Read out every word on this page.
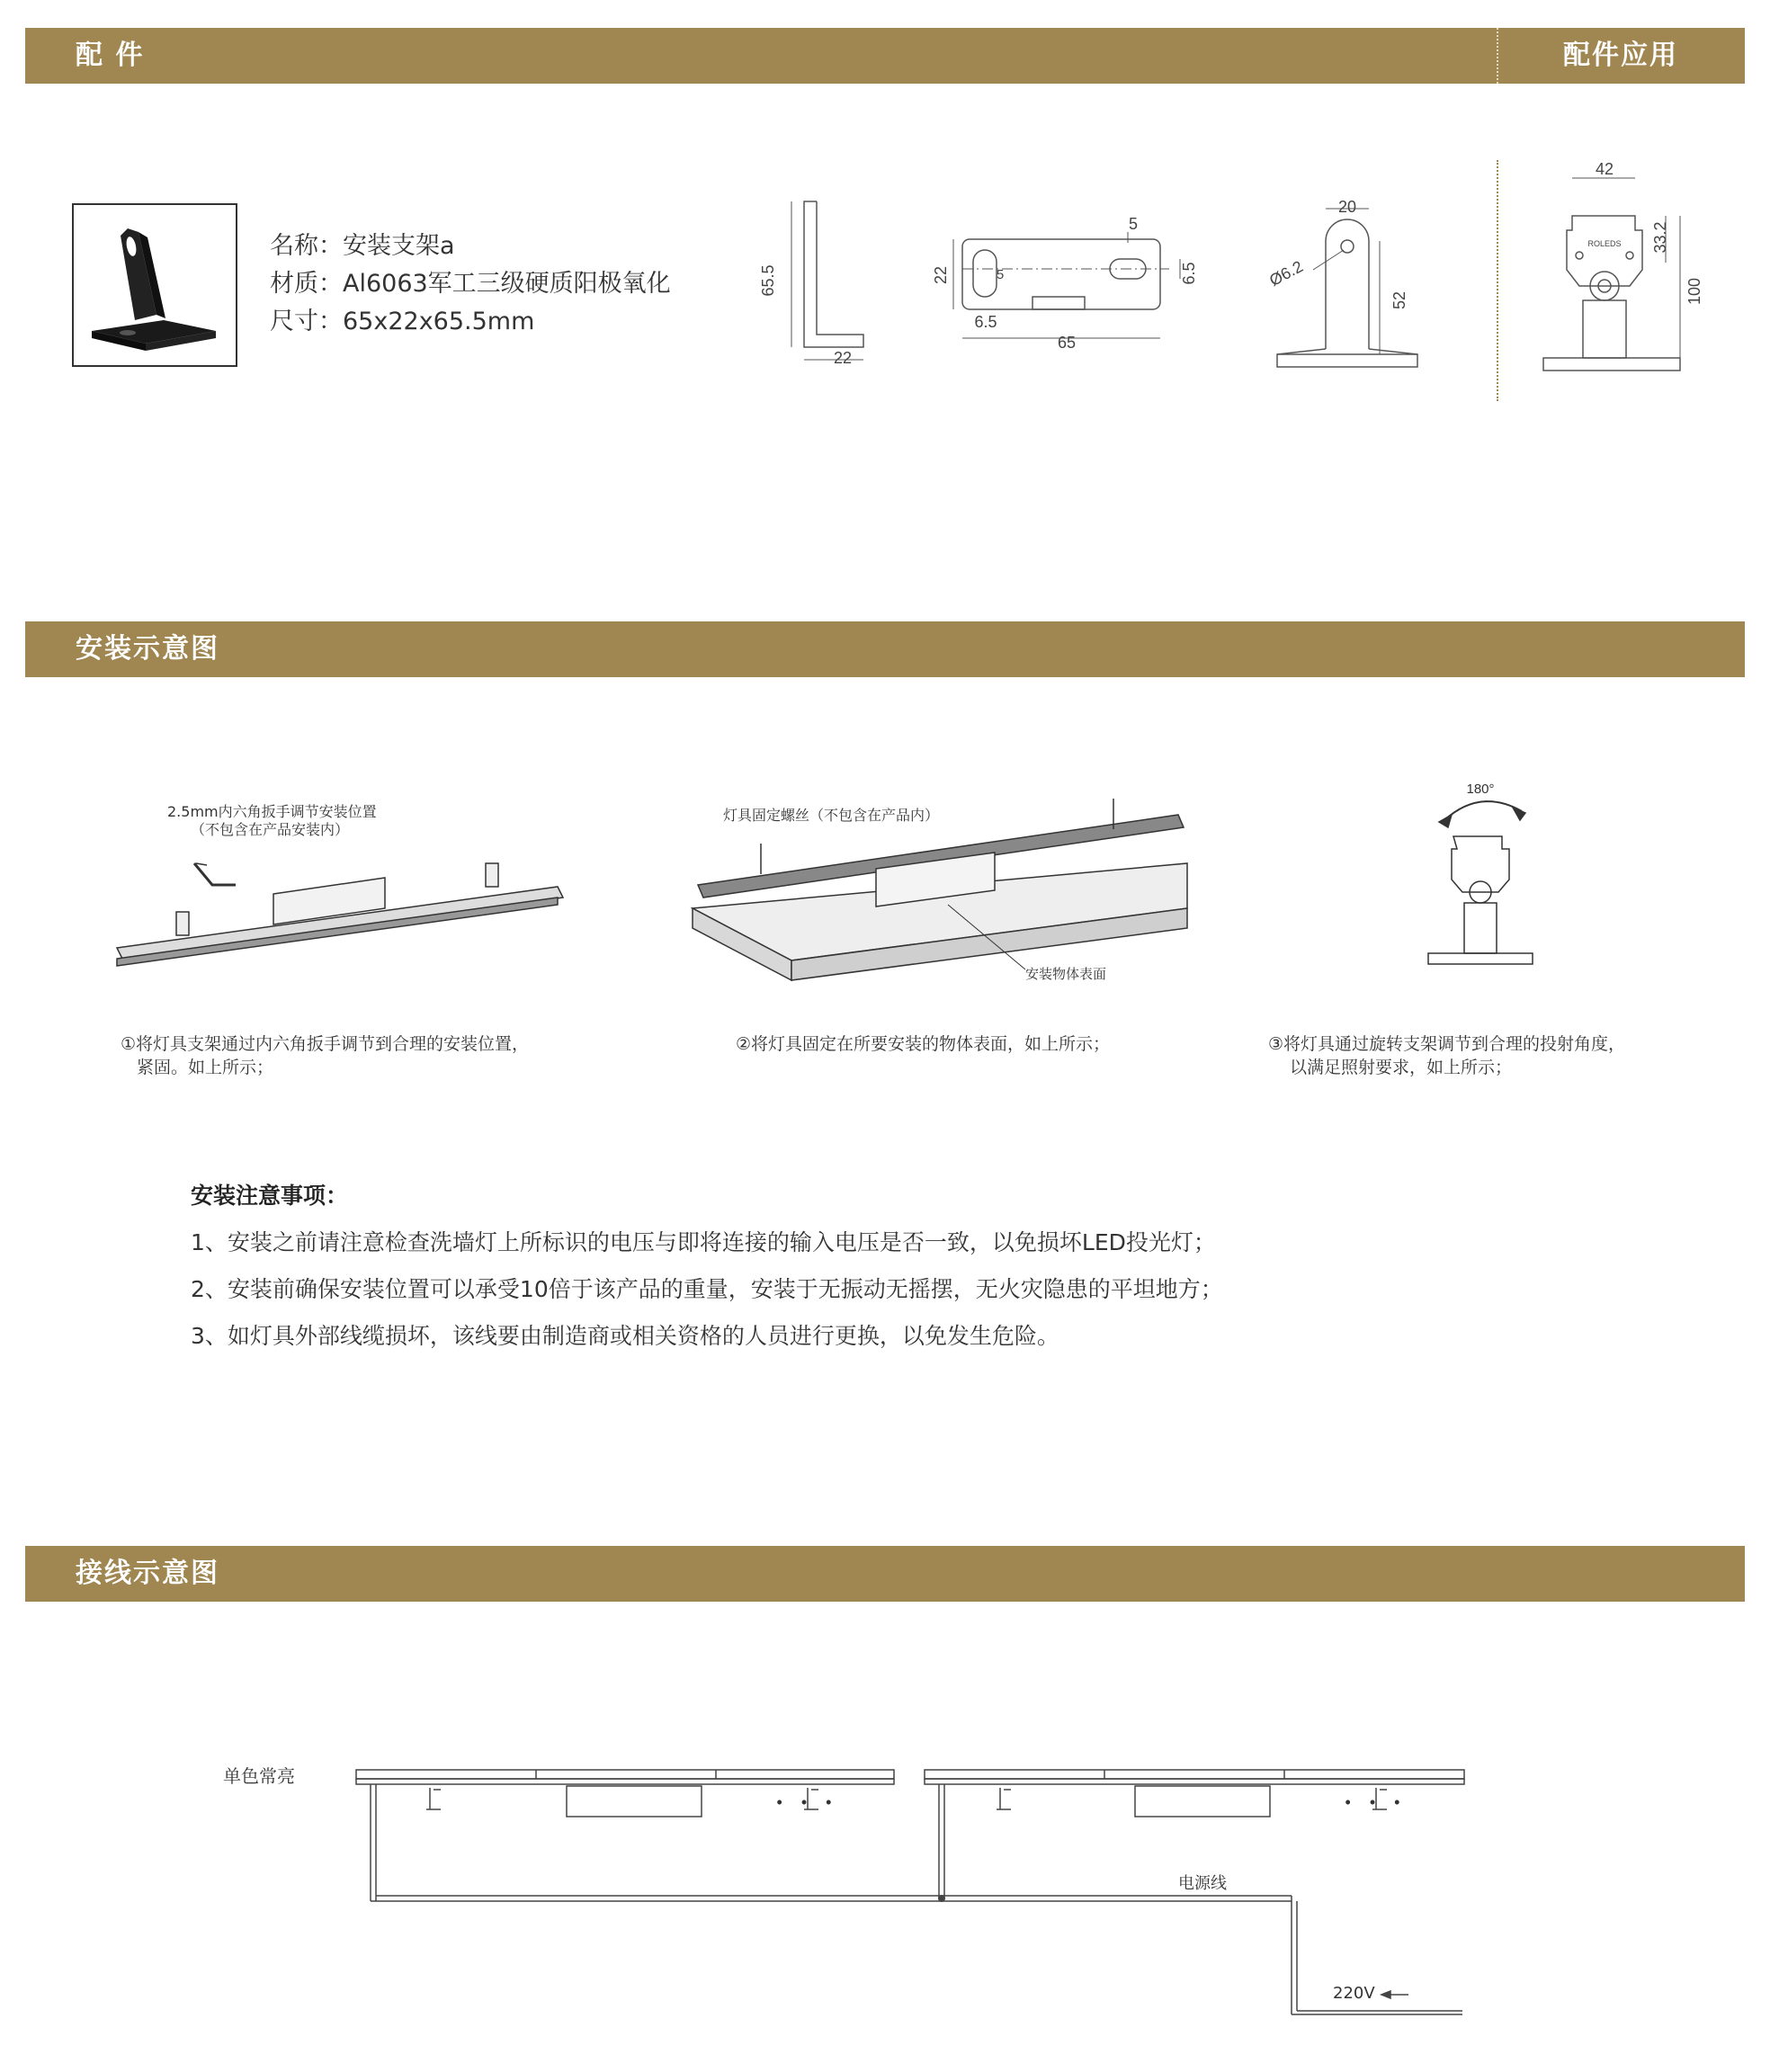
配 件	配件应用
名称：安装支架a
材质：Al6063军工三级硬质阳极氧化
尺寸：65x22x65.5mm
65.5
22
22
65
5
5	6.5
6.5
20
Ø6.2
52
42
33.2
100
ROLEDS
安装示意图
180°
2.5mm内六角扳手调节安装位置
（不包含在产品安装内）
灯具固定螺丝（不包含在产品内）
安装物体表面
①将灯具支架通过内六角扳手调节到合理的安装位置，
紧固。如上所示；
②将灯具固定在所要安装的物体表面，如上所示；	③将灯具通过旋转支架调节到合理的投射角度，
以满足照射要求，如上所示；
安装注意事项：
1、安装之前请注意检查洗墙灯上所标识的电压与即将连接的输入电压是否一致，以免损坏LED投光灯；
2、安装前确保安装位置可以承受10倍于该产品的重量，安装于无振动无摇摆，无火灾隐患的平坦地方；
3、如灯具外部线缆损坏，该线要由制造商或相关资格的人员进行更换，以免发生危险。
接线示意图
• • •	• • •
单色常亮
电源线
220V
